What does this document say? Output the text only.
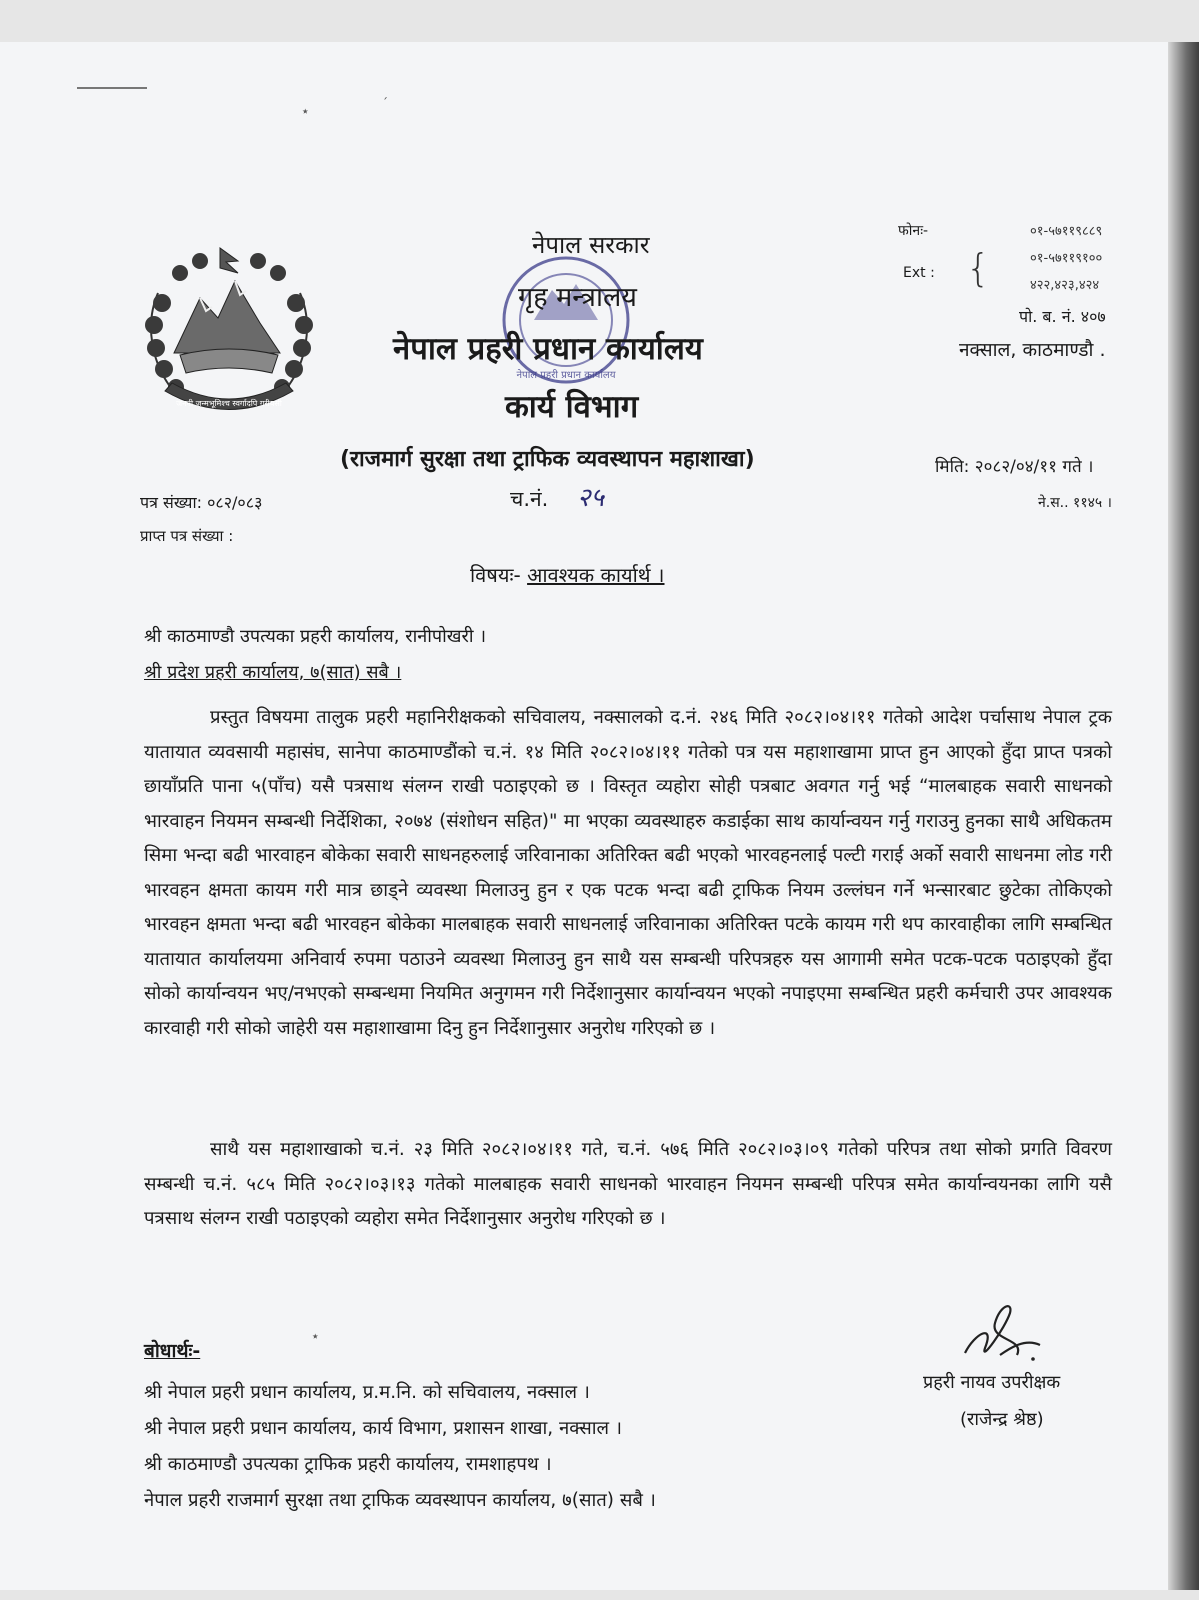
जननी जन्मभूमिश्च स्वर्गादपि गरीयसी
नेपाल प्रहरी प्रधान कार्यालय
नेपाल सरकार
गृह मन्त्रालय
नेपाल प्रहरी प्रधान कार्यालय
कार्य विभाग
(राजमार्ग सुरक्षा तथा ट्राफिक व्यवस्थापन महाशाखा)
फोनः-
Ext : {
०१-५७११९८८९
०१-५७११९१००
४२२,४२३,४२४
पो. ब. नं. ४०७
नक्साल, काठमाण्डौ .
मिति: २०८२/०४/११ गते ।
पत्र संख्या: ०८२/०८३	च.नं. २५	ने.स.. ११४५ ।
प्राप्त पत्र संख्या :
विषयः- आवश्यक कार्यार्थ ।
श्री काठमाण्डौ उपत्यका प्रहरी कार्यालय, रानीपोखरी ।
श्री प्रदेश प्रहरी कार्यालय, ७(सात) सबै ।
प्रस्तुत विषयमा तालुक प्रहरी महानिरीक्षकको सचिवालय, नक्सालको द.नं. २४६ मिति २०८२।०४।११ गतेको आदेश पर्चासाथ नेपाल ट्रक यातायात व्यवसायी महासंघ, सानेपा काठमाण्डौंको च.नं. १४ मिति २०८२।०४।११ गतेको पत्र यस महाशाखामा प्राप्त हुन आएको हुँदा प्राप्त पत्रको छायाँप्रति पाना ५(पाँच) यसै पत्रसाथ संलग्न राखी पठाइएको छ । विस्तृत व्यहोरा सोही पत्रबाट अवगत गर्नु भई “मालबाहक सवारी साधनको भारवाहन नियमन सम्बन्धी निर्देशिका, २०७४ (संशोधन सहित)" मा भएका व्यवस्थाहरु कडाईका साथ कार्यान्वयन गर्नु गराउनु हुनका साथै अधिकतम सिमा भन्दा बढी भारवाहन बोकेका सवारी साधनहरुलाई जरिवानाका अतिरिक्त बढी भएको भारवहनलाई पल्टी गराई अर्को सवारी साधनमा लोड गरी भारवहन क्षमता कायम गरी मात्र छाड्ने व्यवस्था मिलाउनु हुन र एक पटक भन्दा बढी ट्राफिक नियम उल्लंघन गर्ने भन्सारबाट छुटेका तोकिएको भारवहन क्षमता भन्दा बढी भारवहन बोकेका मालबाहक सवारी साधनलाई जरिवानाका अतिरिक्त पटके कायम गरी थप कारवाहीका लागि सम्बन्धित यातायात कार्यालयमा अनिवार्य रुपमा पठाउने व्यवस्था मिलाउनु हुन साथै यस सम्बन्धी परिपत्रहरु यस आगामी समेत पटक-पटक पठाइएको हुँदा सोको कार्यान्वयन भए/नभएको सम्बन्धमा नियमित अनुगमन गरी निर्देशानुसार कार्यान्वयन भएको नपाइएमा सम्बन्धित प्रहरी कर्मचारी उपर आवश्यक कारवाही गरी सोको जाहेरी यस महाशाखामा दिनु हुन निर्देशानुसार अनुरोध गरिएको छ ।
साथै यस महाशाखाको च.नं. २३ मिति २०८२।०४।११ गते, च.नं. ५७६ मिति २०८२।०३।०९ गतेको परिपत्र तथा सोको प्रगति विवरण सम्बन्धी च.नं. ५८५ मिति २०८२।०३।१३ गतेको मालबाहक सवारी साधनको भारवाहन नियमन सम्बन्धी परिपत्र समेत कार्यान्वयनका लागि यसै पत्रसाथ संलग्न राखी पठाइएको व्यहोरा समेत निर्देशानुसार अनुरोध गरिएको छ ।
बोधार्थः-
श्री नेपाल प्रहरी प्रधान कार्यालय, प्र.म.नि. को सचिवालय, नक्साल ।
श्री नेपाल प्रहरी प्रधान कार्यालय, कार्य विभाग, प्रशासन शाखा, नक्साल ।
श्री काठमाण्डौ उपत्यका ट्राफिक प्रहरी कार्यालय, रामशाहपथ ।
नेपाल प्रहरी राजमार्ग सुरक्षा तथा ट्राफिक व्यवस्थापन कार्यालय, ७(सात) सबै ।
प्रहरी नायव उपरीक्षक
(राजेन्द्र श्रेष्ठ)
٭
ˊ
٭
